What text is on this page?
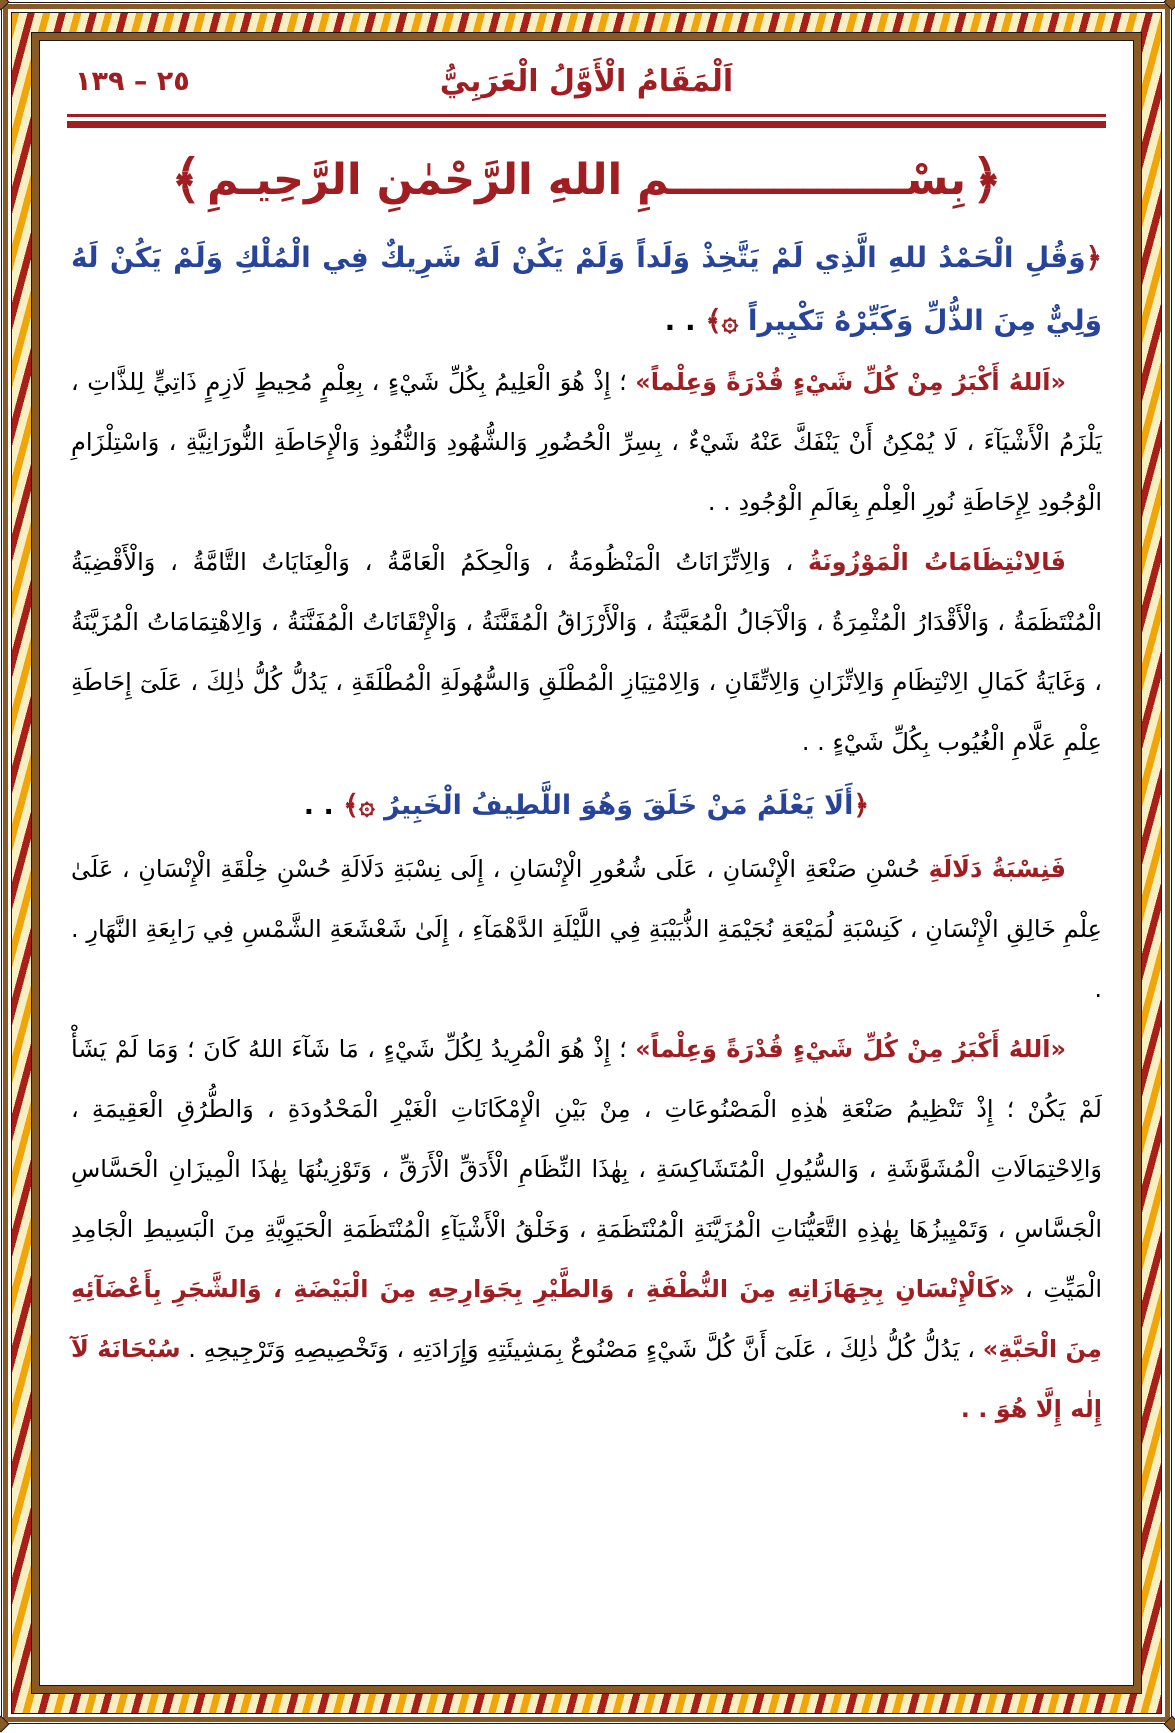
٢٥ – ١٣٩	اَلْمَقَامُ الْأَوَّلُ الْعَرَبِيُّ
﴿ بِسْــــــــــــــــمِ اللهِ الرَّحْمٰنِ الرَّحِيـمِ ﴾

﴿وَقُلِ الْحَمْدُ للهِ الَّذِي لَمْ يَتَّخِذْ وَلَداً وَلَمْ يَكُنْ لَهُ شَرِيكٌ فِي الْمُلْكِ وَلَمْ يَكُنْ لَهُ وَلِيٌّ مِنَ الذُّلِّ وَكَبِّرْهُ تَكْبِيراً ۞﴾ . .

«اَللهُ أَكْبَرُ مِنْ كُلِّ شَيْءٍ قُدْرَةً وَعِلْماً» ؛ إِذْ هُوَ الْعَلِيمُ بِكُلِّ شَيْءٍ ، بِعِلْمٍ مُحِيطٍ لَازِمٍ ذَاتِيٍّ لِلذَّاتِ ، يَلْزَمُ الْأَشْيَآءَ ، لَا يُمْكِنُ أَنْ يَنْفَكَّ عَنْهُ شَيْءٌ ، بِسِرِّ الْحُضُورِ وَالشُّهُودِ وَالنُّفُوذِ وَالْإِحَاطَةِ النُّورَانِيَّةِ ، وَاسْتِلْزَامِ الْوُجُودِ لِإِحَاطَةِ نُورِ الْعِلْمِ بِعَالَمِ الْوُجُودِ . .

فَالِانْتِظَامَاتُ الْمَوْزُونَةُ ، وَالِاتِّزَانَاتُ الْمَنْظُومَةُ ، وَالْحِكَمُ الْعَامَّةُ ، وَالْعِنَايَاتُ التَّامَّةُ ، وَالْأَقْضِيَةُ الْمُنْتَظَمَةُ ، وَالْأَقْدَارُ الْمُثْمِرَةُ ، وَالْآجَالُ الْمُعَيَّنَةُ ، وَالْأَرْزَاقُ الْمُقَنَّنَةُ ، وَالْإِتْقَانَاتُ الْمُفَنَّنَةُ ، وَالِاهْتِمَامَاتُ الْمُزَيَّنَةُ ، وَغَايَةُ كَمَالِ الِانْتِظَامِ وَالِاتِّزَانِ وَالِاتِّقَانِ ، وَالِامْتِيَازِ الْمُطْلَقِ وَالسُّهُولَةِ الْمُطْلَقَةِ ، يَدُلُّ كُلُّ ذٰلِكَ ، عَلَىٓ إِحَاطَةِ عِلْمِ عَلَّامِ الْغُيُوب بِكُلِّ شَيْءٍ . .

﴿أَلَا يَعْلَمُ مَنْ خَلَقَ وَهُوَ اللَّطِيفُ الْخَبِيرُ ۞﴾ . .

فَنِسْبَةُ دَلَالَةِ حُسْنِ صَنْعَةِ الْإِنْسَانِ ، عَلَى شُعُورِ الْإِنْسَانِ ، إِلَى نِسْبَةِ دَلَالَةِ حُسْنِ خِلْقَةِ الْإِنْسَانِ ، عَلَىٰ عِلْمِ خَالِقِ الْإِنْسَانِ ، كَنِسْبَةِ لُمَيْعَةِ نُجَيْمَةِ الذُّبَيْبَةِ فِي اللَّيْلَةِ الدَّهْمَآءِ ، إِلَىٰ شَعْشَعَةِ الشَّمْسِ فِي رَابِعَةِ النَّهَارِ . .

«اَللهُ أَكْبَرُ مِنْ كُلِّ شَيْءٍ قُدْرَةً وَعِلْماً» ؛ إِذْ هُوَ الْمُرِيدُ لِكُلِّ شَيْءٍ ، مَا شَآءَ اللهُ كَانَ ؛ وَمَا لَمْ يَشَأْ لَمْ يَكُنْ ؛ إِذْ تَنْظِيمُ صَنْعَةِ هٰذِهِ الْمَصْنُوعَاتِ ، مِنْ بَيْنِ الْإِمْكَانَاتِ الْغَيْرِ الْمَحْدُودَةِ ، وَالطُّرُقِ الْعَقِيمَةِ ، وَالِاحْتِمَالَاتِ الْمُشَوَّشَةِ ، وَالسُّيُولِ الْمُتَشَاكِسَةِ ، بِهٰذَا النِّظَامِ الْأَدَقِّ الْأَرَقِّ ، وَتَوْزِينُهَا بِهٰذَا الْمِيزَانِ الْحَسَّاسِ الْجَسَّاسِ ، وَتَمْيِيزُهَا بِهٰذِهِ التَّعَيُّنَاتِ الْمُزَيَّنَةِ الْمُنْتَظَمَةِ ، وَخَلْقُ الْأَشْيَآءِ الْمُنْتَظَمَةِ الْحَيَوِيَّةِ مِنَ الْبَسِيطِ الْجَامِدِ الْمَيِّتِ ، «كَالْإِنْسَانِ بِجِهَازَاتِهِ مِنَ النُّطْفَةِ ، وَالطَّيْرِ بِجَوَارِحِهِ مِنَ الْبَيْضَةِ ، وَالشَّجَرِ بِأَعْضَآئِهِ مِنَ الْحَبَّةِ» ، يَدُلُّ كُلُّ ذٰلِكَ ، عَلَىٓ أَنَّ كُلَّ شَيْءٍ مَصْنُوعٌ بِمَشِيئَتِهِ وَإِرَادَتِهِ ، وَتَخْصِيصِهِ وَتَرْجِيحِهِ . سُبْحَانَهُ لَآ إِلٰه إِلَّا هُوَ . .
